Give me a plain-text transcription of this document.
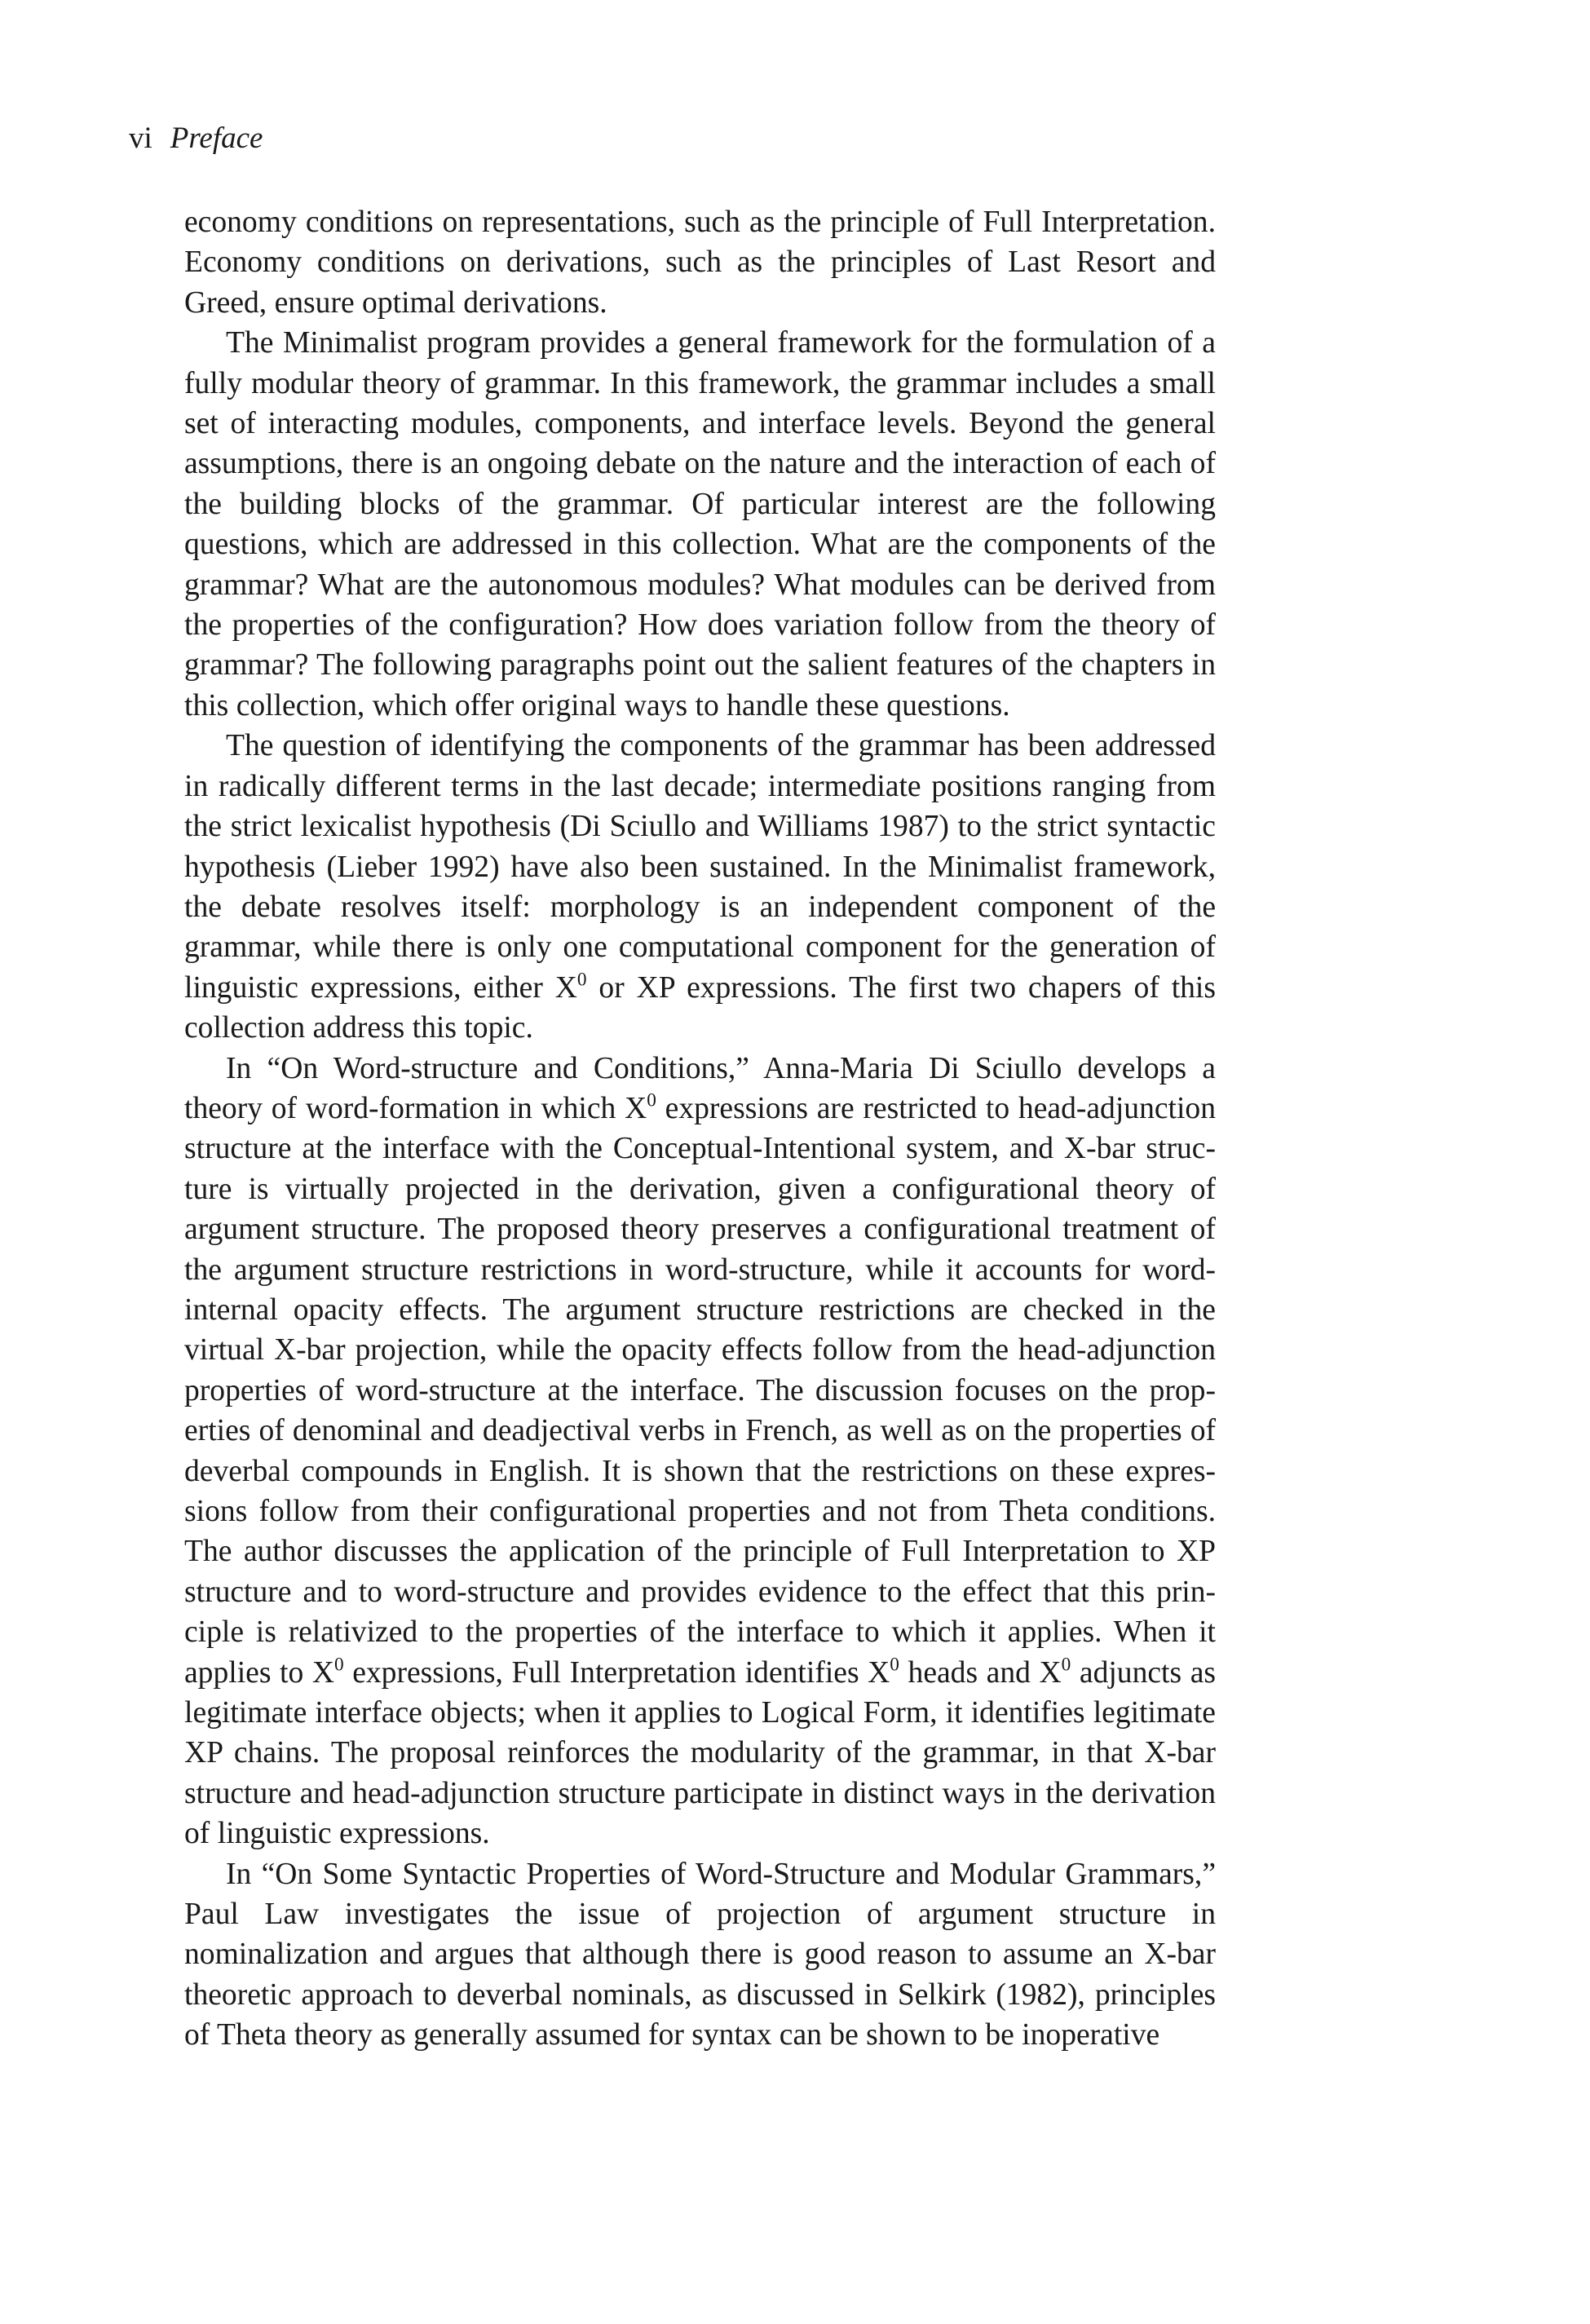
vi Preface

economy conditions on representations, such as the principle of Full Interpretation. Economy conditions on derivations, such as the principles of Last Resort and Greed, ensure optimal derivations.

The Minimalist program provides a general framework for the formulation of a fully modular theory of grammar. In this framework, the grammar includes a small set of interacting modules, components, and interface levels. Beyond the general assumptions, there is an ongoing debate on the nature and the interaction of each of the building blocks of the grammar. Of particular interest are the following questions, which are addressed in this collection. What are the components of the grammar? What are the autonomous modules? What modules can be derived from the properties of the configuration? How does variation follow from the theory of grammar? The following paragraphs point out the salient features of the chapters in this collection, which offer original ways to handle these questions.

The question of identifying the components of the grammar has been addressed in radically different terms in the last decade; intermediate positions ranging from the strict lexicalist hypothesis (Di Sciullo and Williams 1987) to the strict syntactic hypothesis (Lieber 1992) have also been sustained. In the Minimalist framework, the debate resolves itself: morphology is an independent component of the grammar, while there is only one computational component for the generation of linguistic expressions, either $X^0$ or XP expressions. The first two chapers of this collection address this topic.

In “On Word-structure and Conditions,” Anna-Maria Di Sciullo develops a theory of word-formation in which $X^0$ expressions are restricted to head-adjunction structure at the interface with the Conceptual-Intentional system, and X-bar structure is virtually projected in the derivation, given a configurational theory of argument structure. The proposed theory preserves a configurational treatment of the argument structure restrictions in word-structure, while it accounts for word-internal opacity effects. The argument structure restrictions are checked in the virtual X-bar projection, while the opacity effects follow from the head-adjunction properties of word-structure at the interface. The discussion focuses on the properties of denominal and deadjectival verbs in French, as well as on the properties of deverbal compounds in English. It is shown that the restrictions on these expressions follow from their configurational properties and not from Theta conditions. The author discusses the application of the principle of Full Interpretation to XP structure and to word-structure and provides evidence to the effect that this principle is relativized to the properties of the interface to which it applies. When it applies to $X^0$ expressions, Full Interpretation identifies $X^0$ heads and $X^0$ adjuncts as legitimate interface objects; when it applies to Logical Form, it identifies legitimate XP chains. The proposal reinforces the modularity of the grammar, in that X-bar structure and head-adjunction structure participate in distinct ways in the derivation of linguistic expressions.

In “On Some Syntactic Properties of Word-Structure and Modular Grammars,” Paul Law investigates the issue of projection of argument structure in nominalization and argues that although there is good reason to assume an X-bar theoretic approach to deverbal nominals, as discussed in Selkirk (1982), principles of Theta theory as generally assumed for syntax can be shown to be inoperative
